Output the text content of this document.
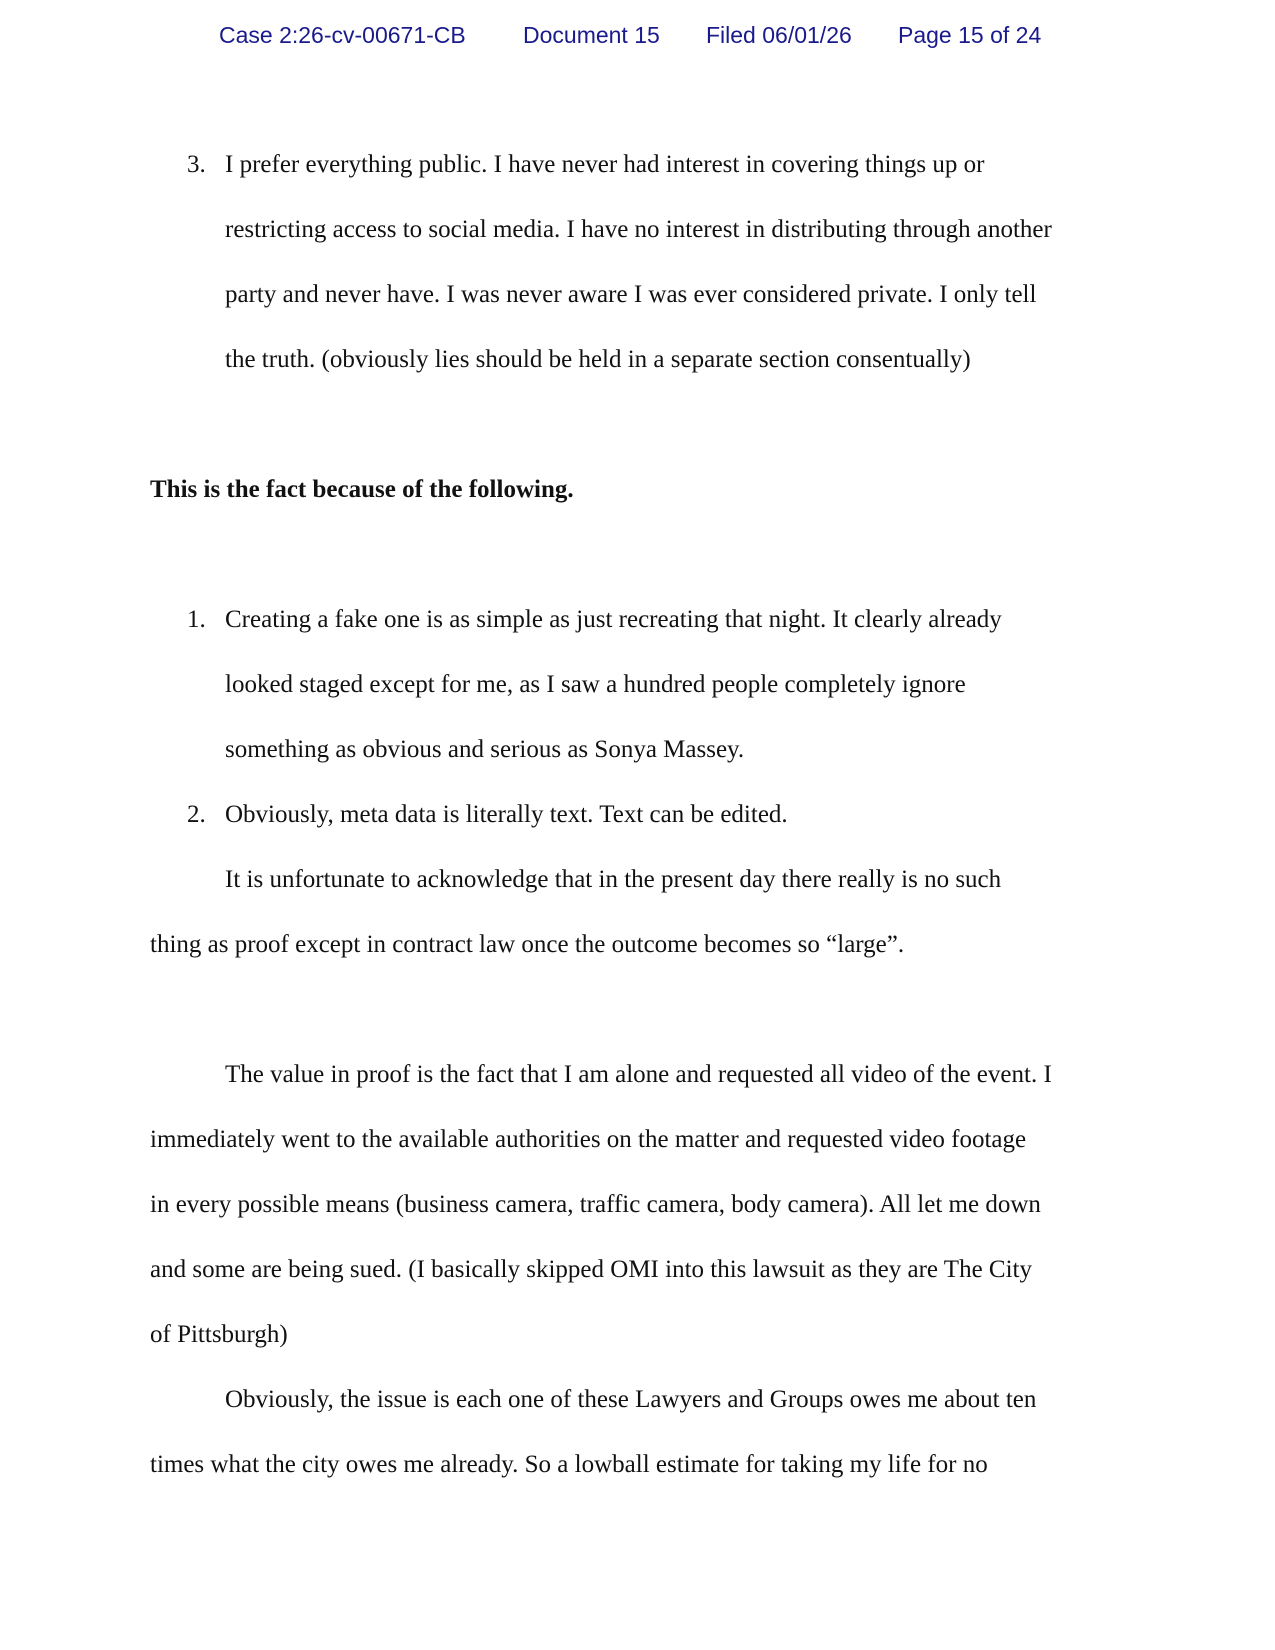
Case 2:26-cv-00671-CB Document 15 Filed 06/01/26 Page 15 of 24
3. I prefer everything public. I have never had interest in covering things up or
restricting access to social media. I have no interest in distributing through another
party and never have. I was never aware I was ever considered private. I only tell
the truth. (obviously lies should be held in a separate section consentually)
This is the fact because of the following.
1. Creating a fake one is as simple as just recreating that night. It clearly already
looked staged except for me, as I saw a hundred people completely ignore
something as obvious and serious as Sonya Massey.
2. Obviously, meta data is literally text. Text can be edited.
It is unfortunate to acknowledge that in the present day there really is no such
thing as proof except in contract law once the outcome becomes so “large”.
The value in proof is the fact that I am alone and requested all video of the event. I
immediately went to the available authorities on the matter and requested video footage
in every possible means (business camera, traffic camera, body camera). All let me down
and some are being sued. (I basically skipped OMI into this lawsuit as they are The City
of Pittsburgh)
Obviously, the issue is each one of these Lawyers and Groups owes me about ten
times what the city owes me already. So a lowball estimate for taking my life for no
